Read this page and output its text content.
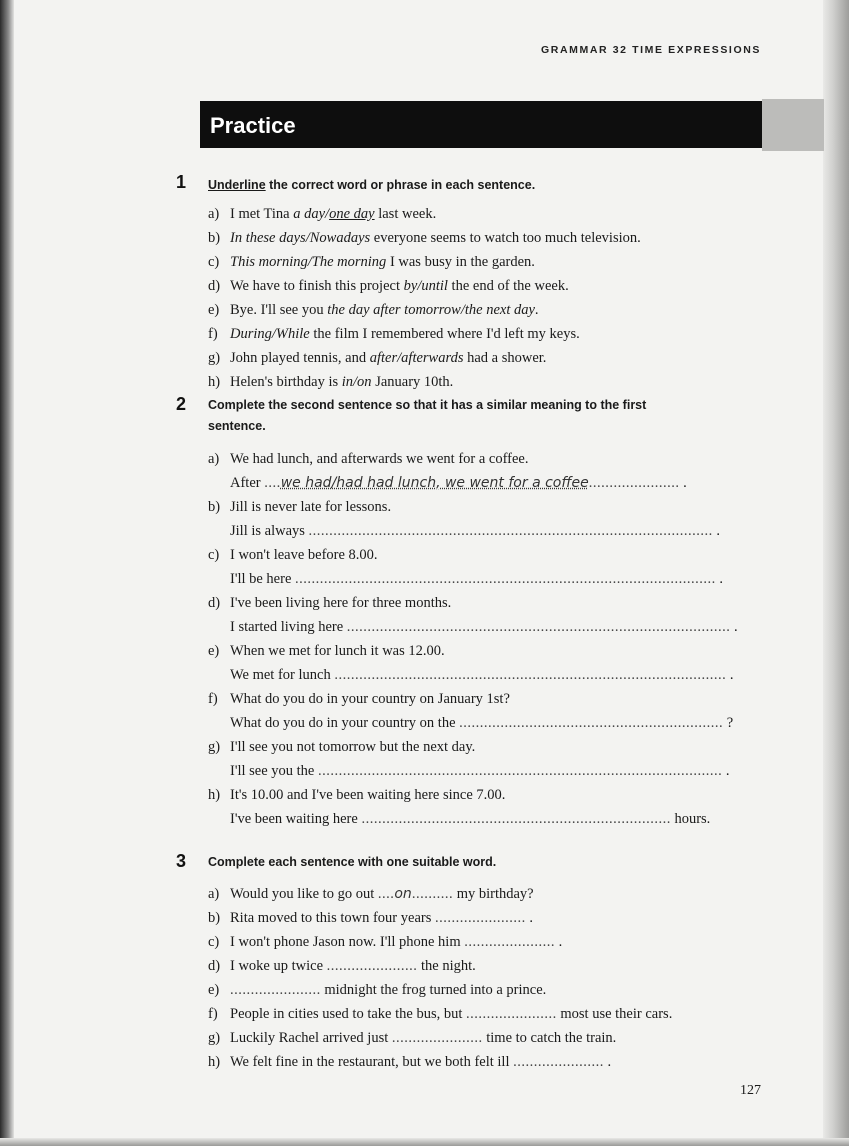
GRAMMAR 32 TIME EXPRESSIONS
Practice
1 Underline the correct word or phrase in each sentence.
a) I met Tina a day/one day last week.
b) In these days/Nowadays everyone seems to watch too much television.
c) This morning/The morning I was busy in the garden.
d) We have to finish this project by/until the end of the week.
e) Bye. I'll see you the day after tomorrow/the next day.
f) During/While the film I remembered where I'd left my keys.
g) John played tennis, and after/afterwards had a shower.
h) Helen's birthday is in/on January 10th.
2 Complete the second sentence so that it has a similar meaning to the first
sentence.
a) We had lunch, and afterwards we went for a coffee.
After ....we had/had had lunch, we went for a coffee...................... .
b) Jill is never late for lessons.
Jill is always .................................................................................................. .
c) I won't leave before 8.00.
I'll be here ...................................................................................................... .
d) I've been living here for three months.
I started living here ............................................................................................. .
e) When we met for lunch it was 12.00.
We met for lunch ............................................................................................... .
f) What do you do in your country on January 1st?
What do you do in your country on the ................................................................ ?
g) I'll see you not tomorrow but the next day.
I'll see you the .................................................................................................. .
h) It's 10.00 and I've been waiting here since 7.00.
I've been waiting here ........................................................................... hours.
3 Complete each sentence with one suitable word.
a) Would you like to go out ....on.......... my birthday?
b) Rita moved to this town four years ...................... .
c) I won't phone Jason now. I'll phone him ...................... .
d) I woke up twice ...................... the night.
e) ...................... midnight the frog turned into a prince.
f) People in cities used to take the bus, but ...................... most use their cars.
g) Luckily Rachel arrived just ...................... time to catch the train.
h) We felt fine in the restaurant, but we both felt ill ...................... .
127
